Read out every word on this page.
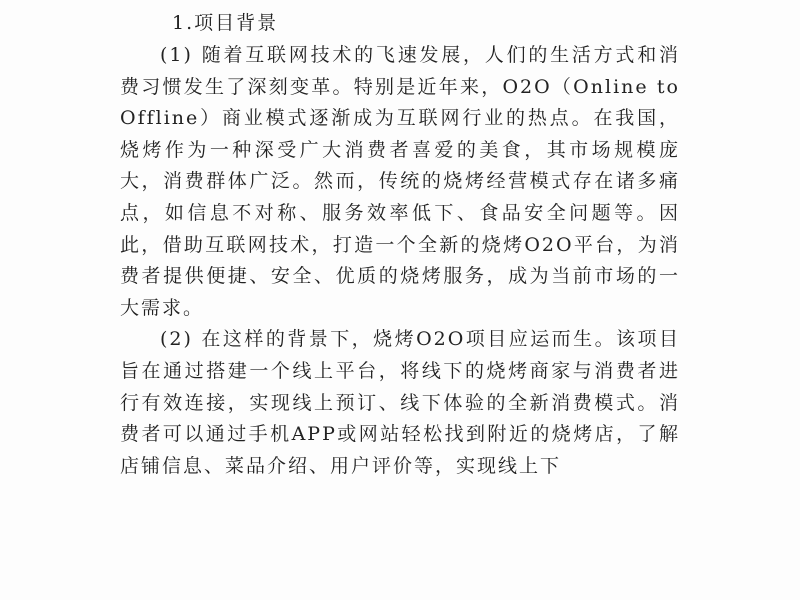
1.项目背景

(1) 随着互联网技术的飞速发展，人们的生活方式和消费习惯发生了深刻变革。特别是近年来，O2O（Online to Offline）商业模式逐渐成为互联网行业的热点。在我国，烧烤作为一种深受广大消费者喜爱的美食，其市场规模庞大，消费群体广泛。然而，传统的烧烤经营模式存在诸多痛点，如信息不对称、服务效率低下、食品安全问题等。因此，借助互联网技术，打造一个全新的烧烤O2O平台，为消费者提供便捷、安全、优质的烧烤服务，成为当前市场的一大需求。

(2) 在这样的背景下，烧烤O2O项目应运而生。该项目旨在通过搭建一个线上平台，将线下的烧烤商家与消费者进行有效连接，实现线上预订、线下体验的全新消费模式。消费者可以通过手机APP或网站轻松找到附近的烧烤店，了解店铺信息、菜品介绍、用户评价等，实现线上下
